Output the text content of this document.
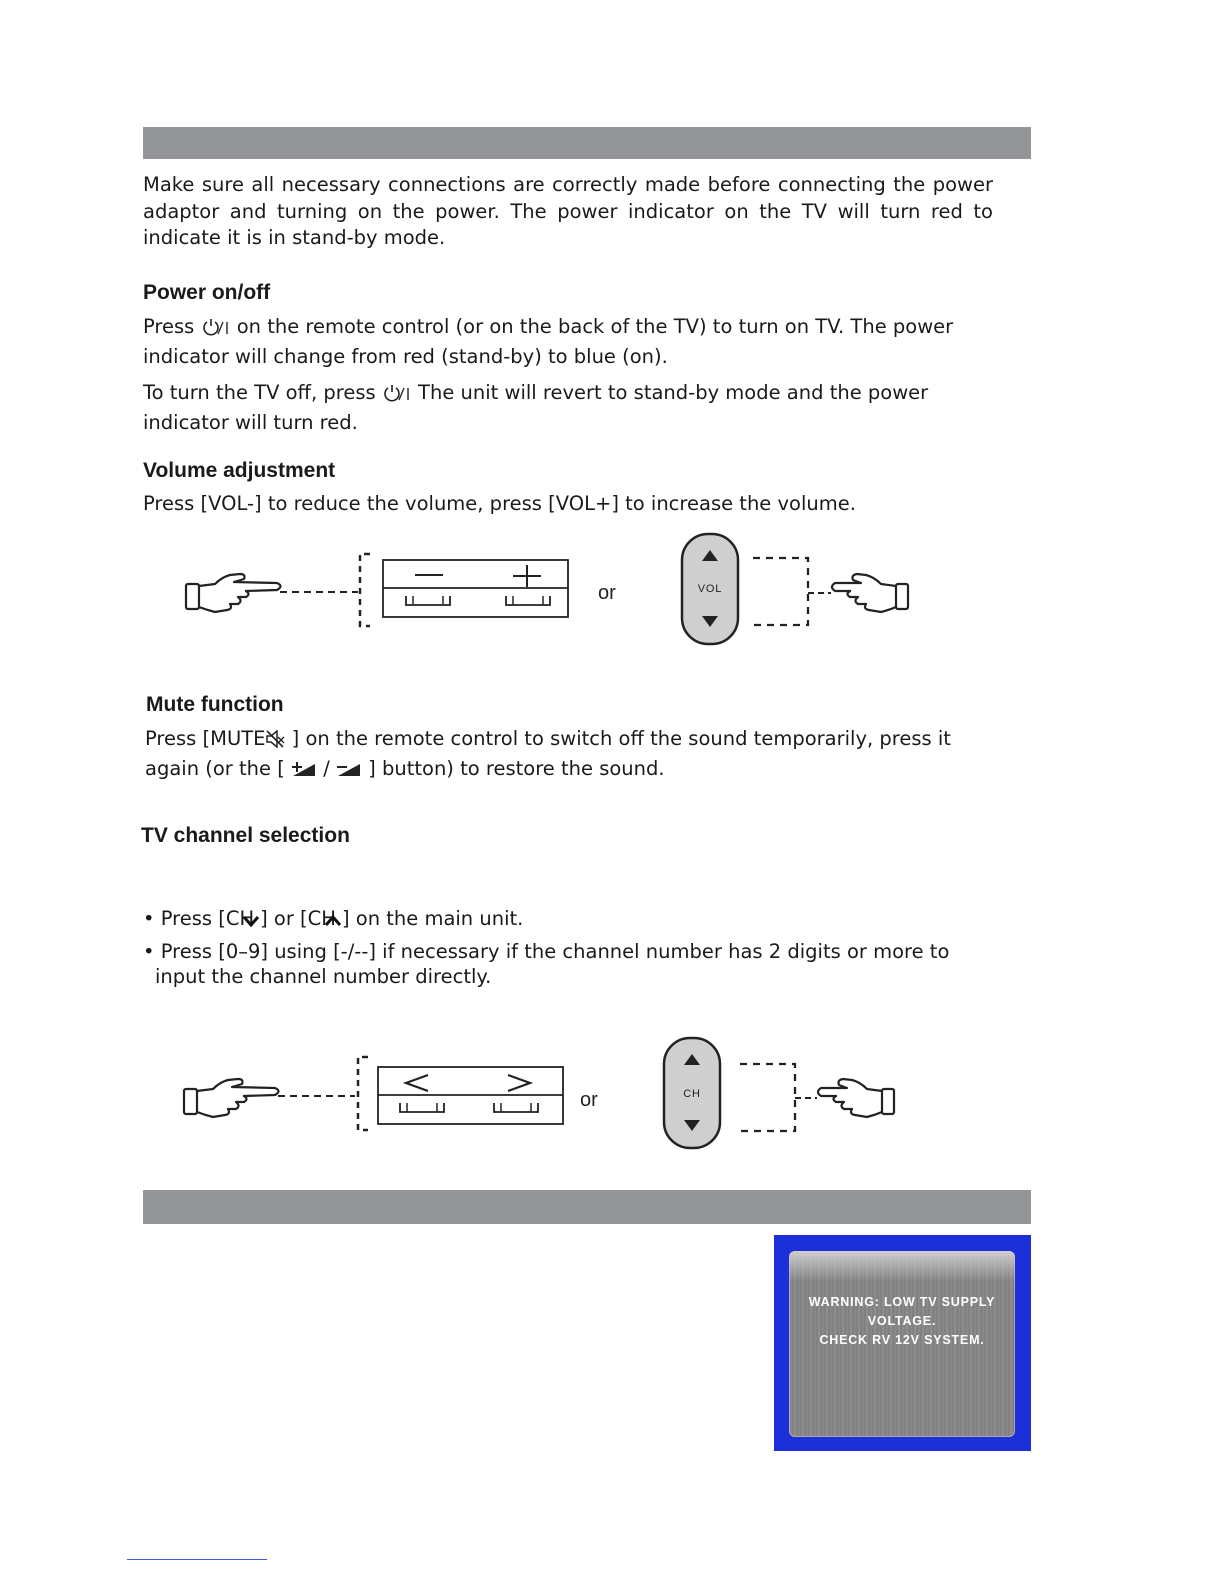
Make sure all necessary connections are correctly made before connecting the power adaptor and turning on the power. The power indicator on the TV will turn red to indicate it is in stand-by mode.

Power on/off

Press  on the remote control (or on the back of the TV) to turn on TV. The power indicator will change from red (stand-by) to blue (on).

To turn the TV off, press  The unit will revert to stand-by mode and the power indicator will turn red.

Volume adjustment

Press [VOL-] to reduce the volume, press [VOL+] to increase the volume.

or	VOL
Mute function

Press [MUTE ] on the remote control to switch off the sound temporarily, press it again (or the [  /  ] button) to restore the sound.

TV channel selection

• Press [CH ] or [CH ] on the main unit.

• Press [0–9] using [-/--] if necessary if the channel number has 2 digits or more to input the channel number directly.

or	CH
WARNING: LOW TV SUPPLY
VOLTAGE.
CHECK RV 12V SYSTEM.
